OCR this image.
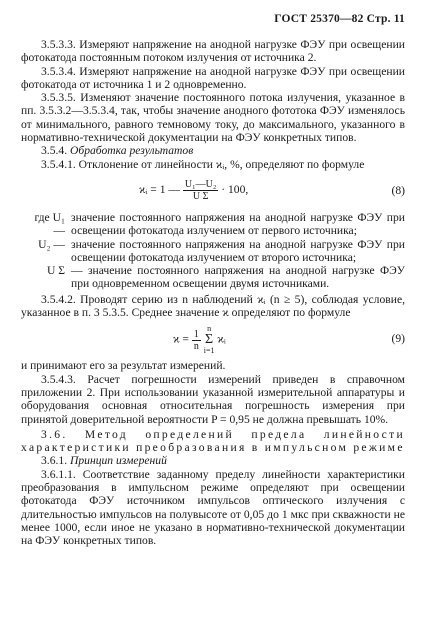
ГОСТ 25370—82 Стр. 11

3.5.3.3. Измеряют напряжение на анодной нагрузке ФЭУ при освещении фотокатода постоянным потоком излучения от источника 2.

3.5.3.4. Измеряют напряжение на анодной нагрузке ФЭУ при освещении фотокатода от источника 1 и 2 одновременно.

3.5.3.5. Изменяют значение постоянного потока излучения, указанное в пп. 3.5.3.2—3.5.3.4, так, чтобы значение анодного фототока ФЭУ изменялось от минимального, равного темновому току, до максимального, указанного в нормативно-технической документации на ФЭУ конкретных типов.

3.5.4. Обработка результатов

3.5.4.1. Отклонение от линейности ϰᵢ, %, определяют по формуле

ϰᵢ = 1 — $\frac{\text{U₁—U₂}}{\text{U Σ}} \cdot 100$,	(8)
где U₁ —
значение постоянного напряжения на анодной нагрузке ФЭУ при освещении фотокатода излучением от первого источника;
U₂ — значение постоянного напряжения на анодной нагрузке ФЭУ при освещении фотокатода излучением от второго источника;
U Σ — значение постоянного напряжения на анодной нагрузке ФЭУ при одновременном освещении двумя источниками.

3.5.4.2. Проводят серию из n наблюдений ϰᵢ (n ≥ 5), соблюдая условие, указанное в п. 3 5.3.5. Среднее значение ϰ определяют по формуле

$ϰ = \frac{1}{n}$
n
Σ
i=1
ϰᵢ	(9)

и принимают его за результат измерений.

3.5.4.3. Расчет погрешности измерений приведен в справочном приложении 2. При использовании указанной измерительной аппаратуры и оборудования основная относительная погрешность измерения при принятой доверительной вероятности P = 0,95 не должна превышать 10%.

3.6. Метод определений предела линейности характеристики преобразования в импульсном режиме

3.6.1. Принцип измерений

3.6.1.1. Соответствие заданному пределу линейности характеристики преобразования в импульсном режиме определяют при освещении фотокатода ФЭУ источником импульсов оптического излучения с длительностью импульсов на полувысоте от 0,05 до 1 мкс при скважности не менее 1000, если иное не указано в нормативно-технической документации на ФЭУ конкретных типов.
